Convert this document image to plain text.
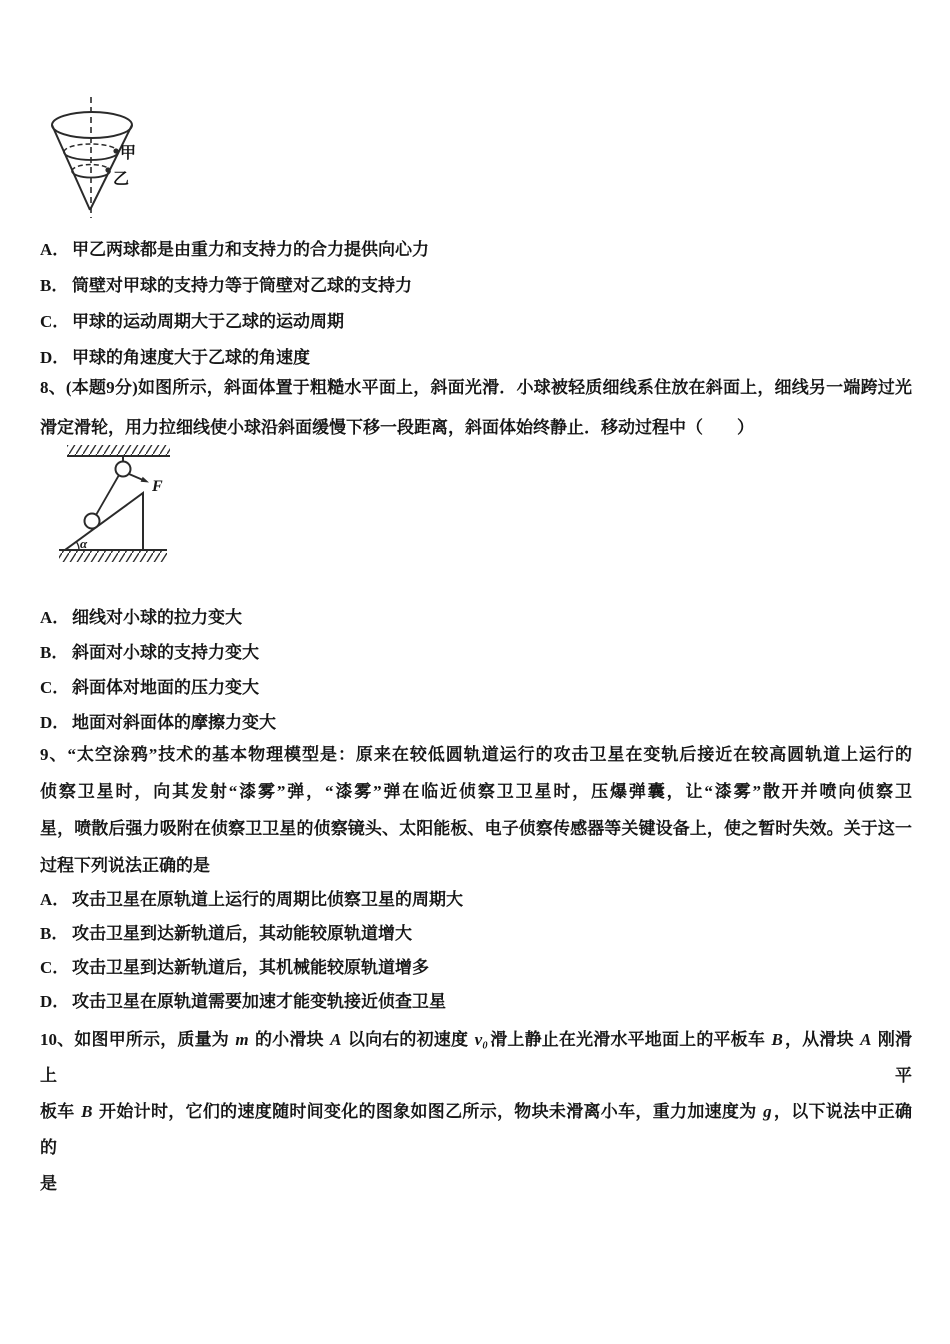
甲
乙
A． 甲乙两球都是由重力和支持力的合力提供向心力
B． 筒壁对甲球的支持力等于筒壁对乙球的支持力
C． 甲球的运动周期大于乙球的运动周期
D． 甲球的角速度大于乙球的角速度
8、(本题9分)如图所示，斜面体置于粗糙水平面上，斜面光滑．小球被轻质细线系住放在斜面上，细线另一端跨过光
滑定滑轮，用力拉细线使小球沿斜面缓慢下移一段距离，斜面体始终静止．移动过程中（　　）
F
α
A． 细线对小球的拉力变大
B． 斜面对小球的支持力变大
C． 斜面体对地面的压力变大
D． 地面对斜面体的摩擦力变大
9、“太空涂鸦”技术的基本物理模型是：原来在较低圆轨道运行的攻击卫星在变轨后接近在较高圆轨道上运行的
侦察卫星时，向其发射“漆雾”弹，“漆雾”弹在临近侦察卫卫星时，压爆弹囊，让“漆雾”散开并喷向侦察卫
星，喷散后强力吸附在侦察卫卫星的侦察镜头、太阳能板、电子侦察传感器等关键设备上，使之暂时失效。关于这一
过程下列说法正确的是
A． 攻击卫星在原轨道上运行的周期比侦察卫星的周期大
B． 攻击卫星到达新轨道后，其动能较原轨道增大
C． 攻击卫星到达新轨道后，其机械能较原轨道增多
D． 攻击卫星在原轨道需要加速才能变轨接近侦查卫星
10、如图甲所示，质量为 m 的小滑块 A 以向右的初速度 v₀ 滑上静止在光滑水平地面上的平板车 B ，从滑块 A 刚滑上平
板车 B 开始计时，它们的速度随时间变化的图象如图乙所示，物块未滑离小车，重力加速度为 g ，以下说法中正确的
是
